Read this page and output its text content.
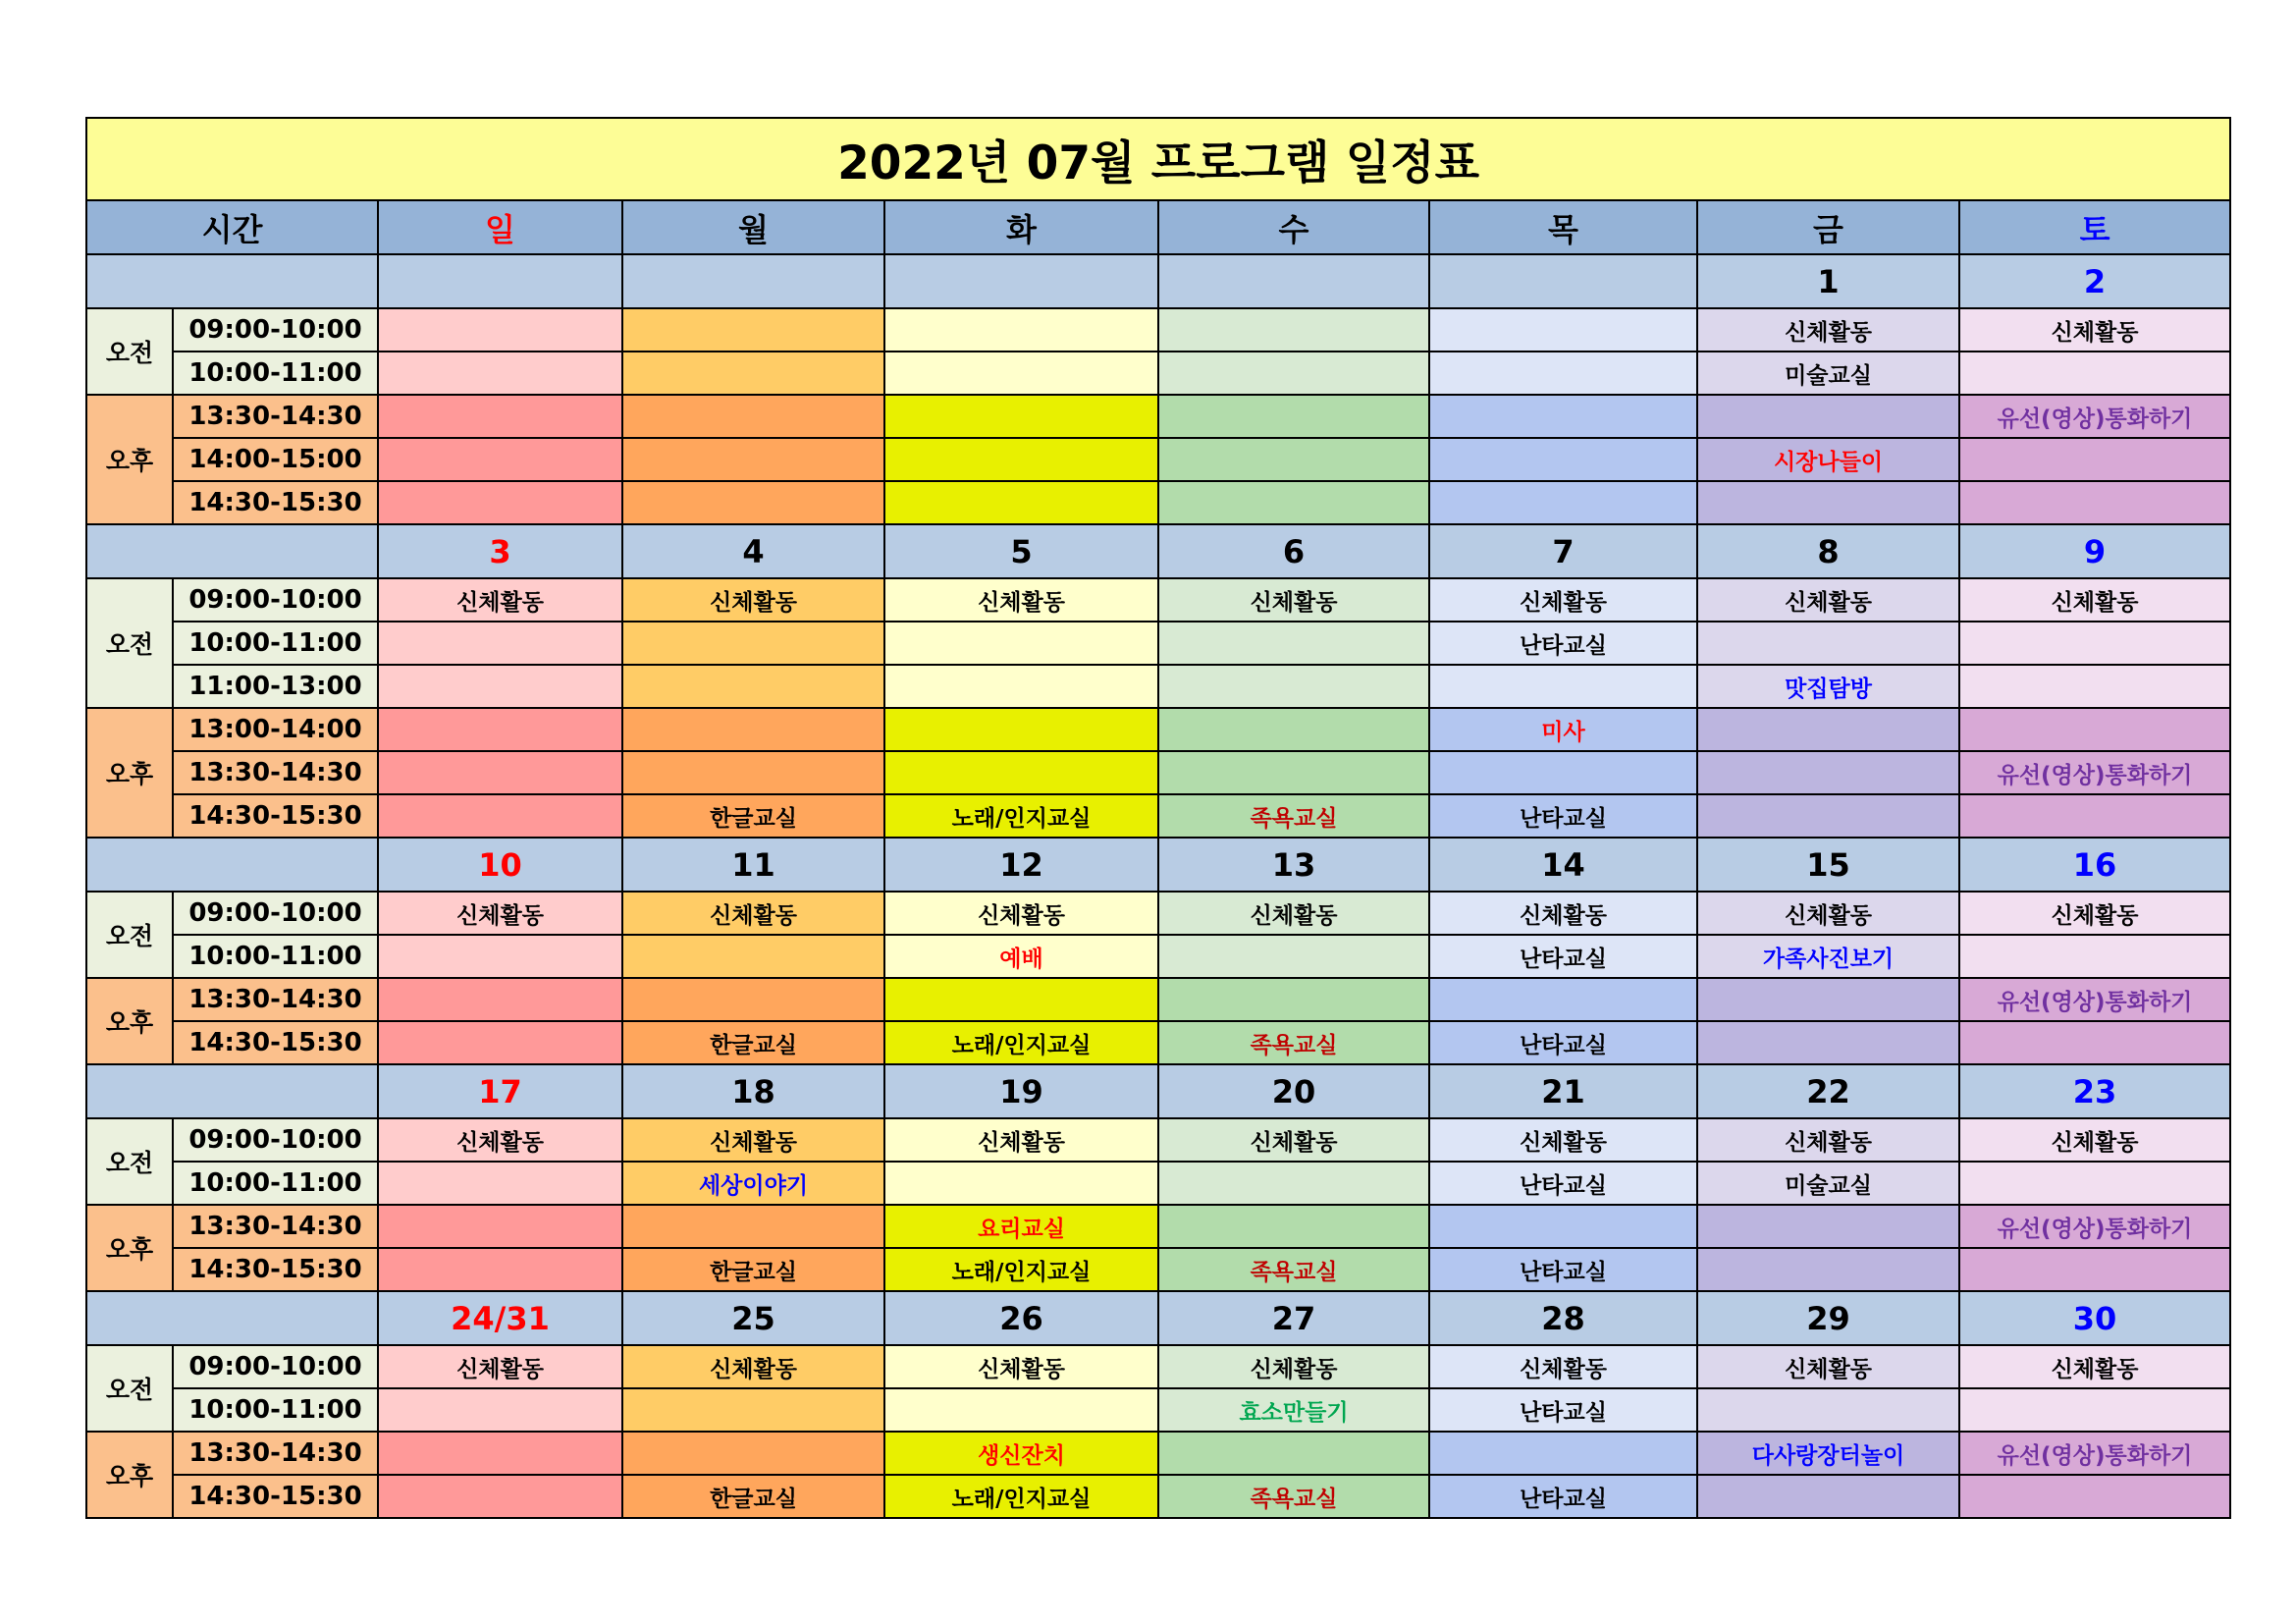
2022년 07월 프로그램 일정표								
시간		일	월	화	수	목	금	토
							1	2
오전	09:00-10:00						신체활동	신체활동
	10:00-11:00						미술교실	
오후	13:30-14:30							유선(영상)통화하기
	14:00-15:00						시장나들이	
	14:30-15:30							
		3	4	5	6	7	8	9
오전	09:00-10:00	신체활동	신체활동	신체활동	신체활동	신체활동	신체활동	신체활동
	10:00-11:00					난타교실		
	11:00-13:00						맛집탐방	
오후	13:00-14:00					미사		
	13:30-14:30							유선(영상)통화하기
	14:30-15:30		한글교실	노래/인지교실	족욕교실	난타교실		
		10	11	12	13	14	15	16
오전	09:00-10:00	신체활동	신체활동	신체활동	신체활동	신체활동	신체활동	신체활동
	10:00-11:00			예배		난타교실	가족사진보기	
오후	13:30-14:30							유선(영상)통화하기
	14:30-15:30		한글교실	노래/인지교실	족욕교실	난타교실		
		17	18	19	20	21	22	23
오전	09:00-10:00	신체활동	신체활동	신체활동	신체활동	신체활동	신체활동	신체활동
	10:00-11:00		세상이야기			난타교실	미술교실	
오후	13:30-14:30			요리교실				유선(영상)통화하기
	14:30-15:30		한글교실	노래/인지교실	족욕교실	난타교실		
		24/31	25	26	27	28	29	30
오전	09:00-10:00	신체활동	신체활동	신체활동	신체활동	신체활동	신체활동	신체활동
	10:00-11:00				효소만들기	난타교실		
오후	13:30-14:30			생신잔치			다사랑장터놀이	유선(영상)통화하기
	14:30-15:30		한글교실	노래/인지교실	족욕교실	난타교실		
